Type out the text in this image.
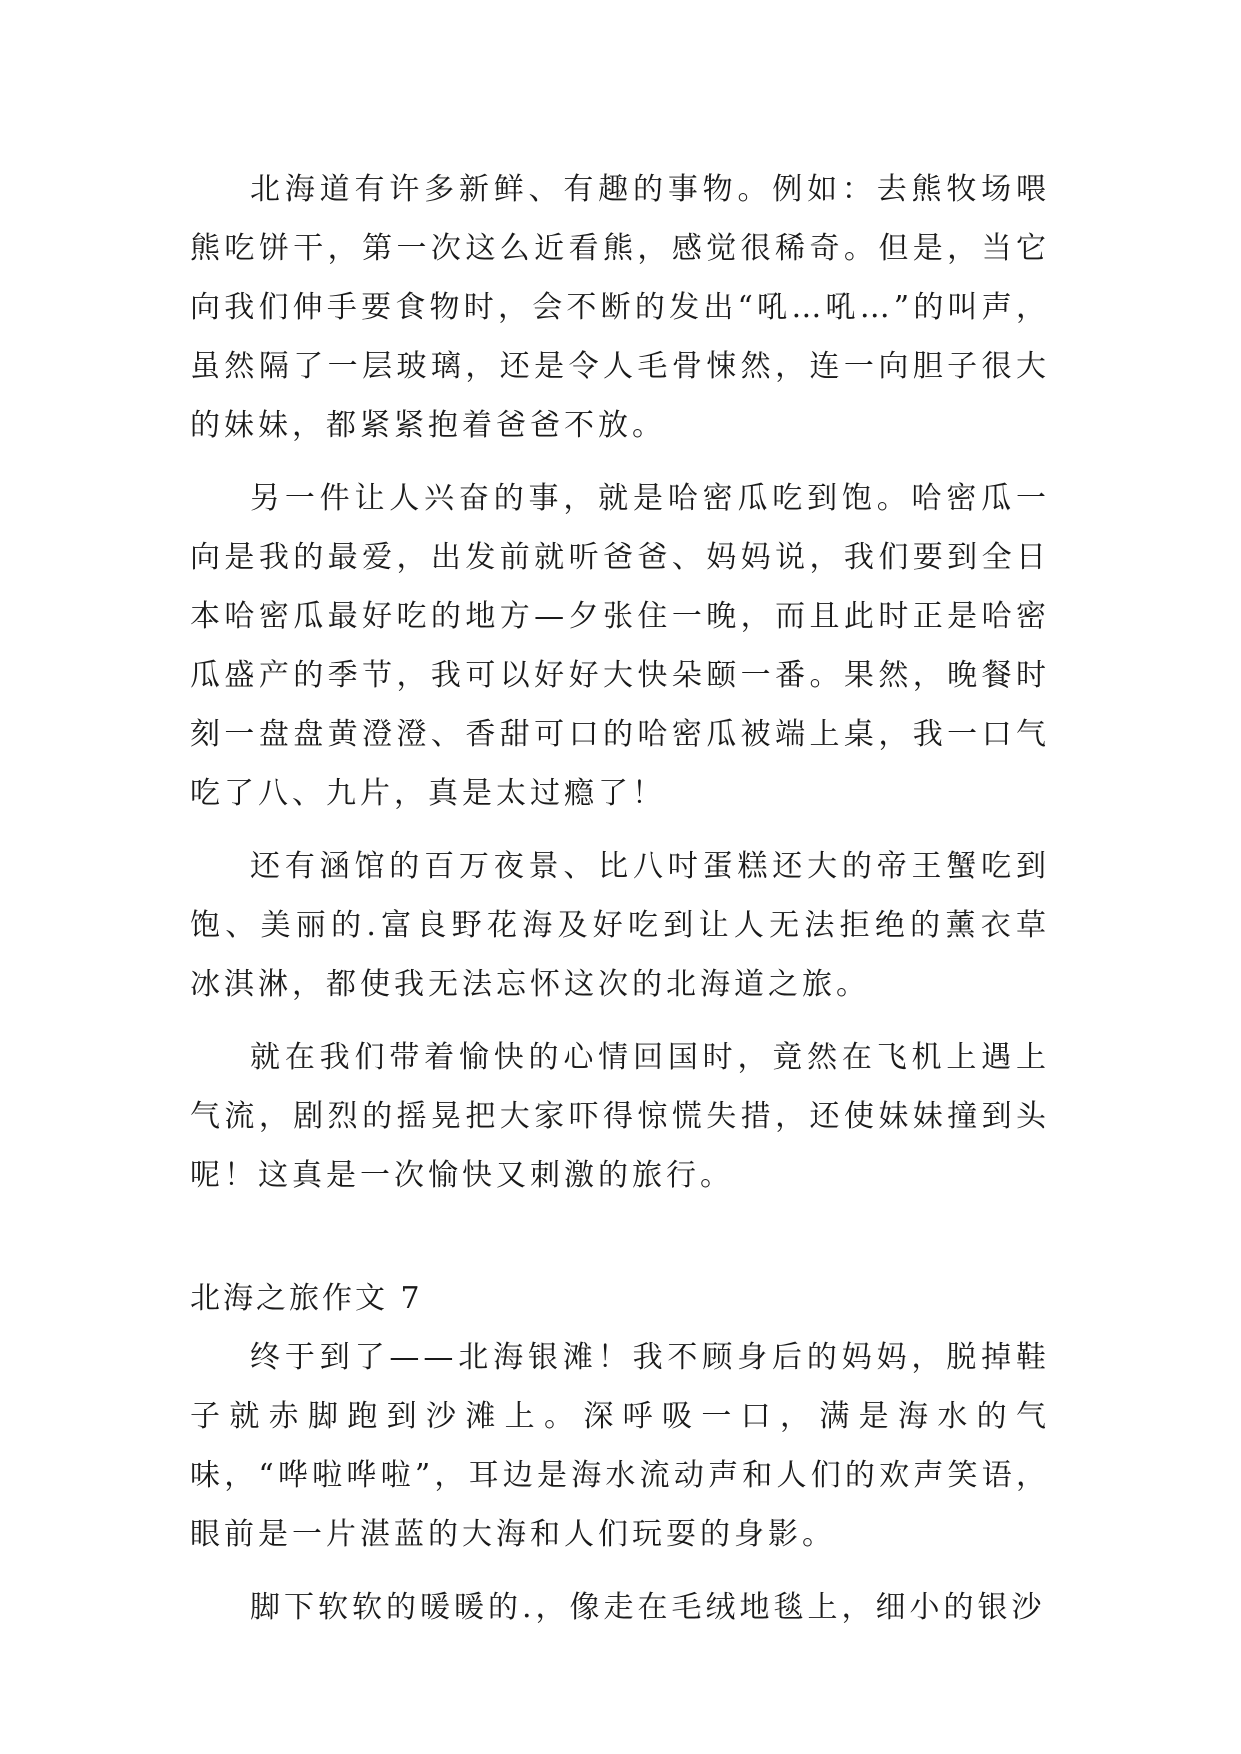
北海道有许多新鲜、有趣的事物。例如：去熊牧场喂熊吃饼干，第一次这么近看熊，感觉很稀奇。但是，当它向我们伸手要食物时，会不断的发出“吼…吼…”的叫声，虽然隔了一层玻璃，还是令人毛骨悚然，连一向胆子很大的妹妹，都紧紧抱着爸爸不放。

另一件让人兴奋的事，就是哈密瓜吃到饱。哈密瓜一向是我的最爱，出发前就听爸爸、妈妈说，我们要到全日本哈密瓜最好吃的地方—夕张住一晚，而且此时正是哈密瓜盛产的季节，我可以好好大快朵颐一番。果然，晚餐时刻一盘盘黄澄澄、香甜可口的哈密瓜被端上桌，我一口气吃了八、九片，真是太过瘾了！

还有涵馆的百万夜景、比八吋蛋糕还大的帝王蟹吃到饱、美丽的.富良野花海及好吃到让人无法拒绝的薰衣草冰淇淋，都使我无法忘怀这次的北海道之旅。

就在我们带着愉快的心情回国时，竟然在飞机上遇上气流，剧烈的摇晃把大家吓得惊慌失措，还使妹妹撞到头呢！这真是一次愉快又刺激的旅行。

北海之旅作文 7

终于到了——北海银滩！我不顾身后的妈妈，脱掉鞋子就赤脚跑到沙滩上。深呼吸一口，满是海水的气味，“哗啦哗啦”，耳边是海水流动声和人们的欢声笑语，眼前是一片湛蓝的大海和人们玩耍的身影。

脚下软软的暖暖的.，像走在毛绒地毯上，细小的银沙
